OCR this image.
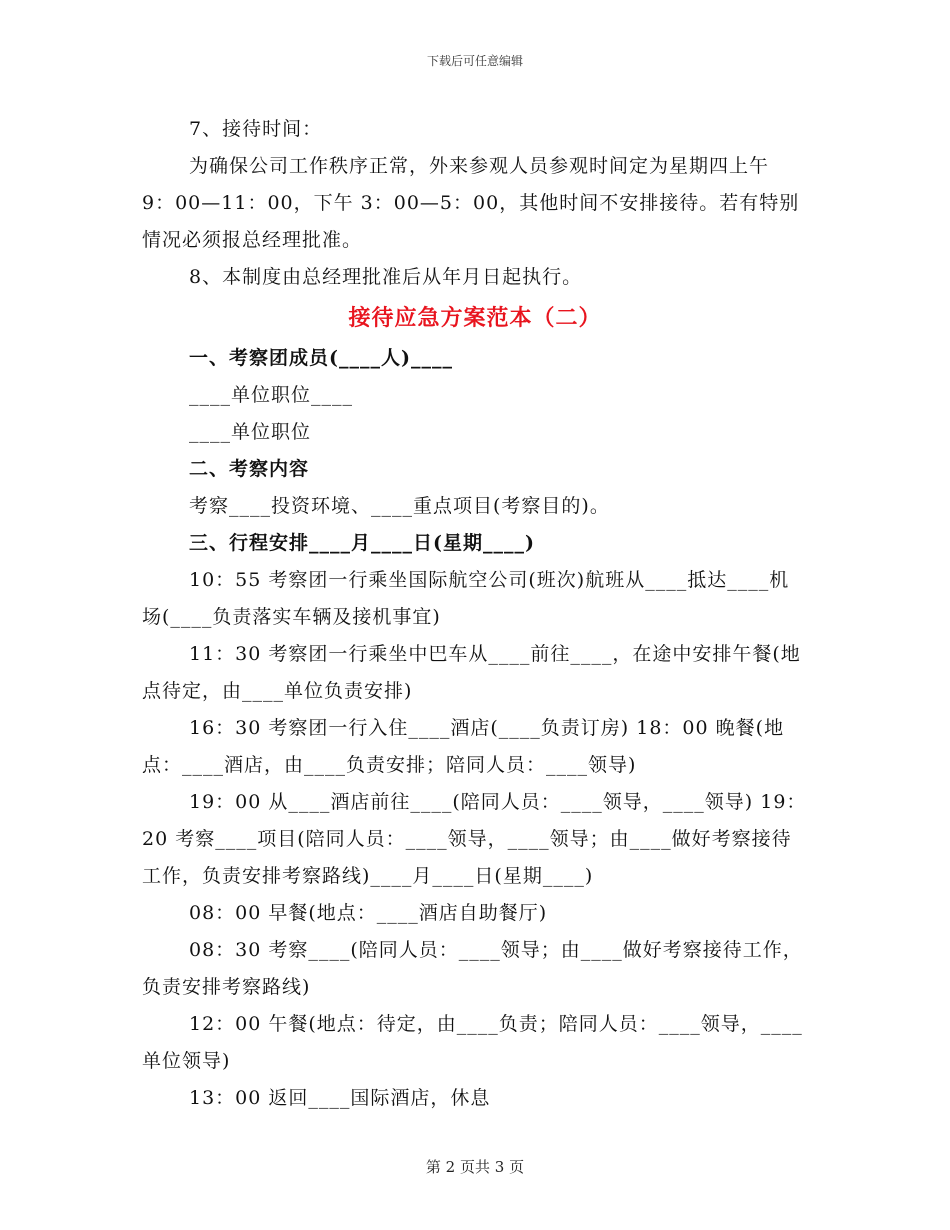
下载后可任意编辑

7、接待时间：

为确保公司工作秩序正常，外来参观人员参观时间定为星期四上午 9：00—11：00，下午 3：00—5：00，其他时间不安排接待。若有特别情况必须报总经理批准。

8、本制度由总经理批准后从年月日起执行。

接待应急方案范本（二）

一、考察团成员(____人)____

____单位职位____

____单位职位

二、考察内容

考察____投资环境、____重点项目(考察目的)。

三、行程安排____月____日(星期____)

10：55 考察团一行乘坐国际航空公司(班次)航班从____抵达____机场(____负责落实车辆及接机事宜)

11：30 考察团一行乘坐中巴车从____前往____，在途中安排午餐(地点待定，由____单位负责安排)

16：30 考察团一行入住____酒店(____负责订房) 18：00 晚餐(地点：____酒店，由____负责安排；陪同人员：____领导)

19：00 从____酒店前往____(陪同人员：____领导，____领导) 19：20 考察____项目(陪同人员：____领导，____领导；由____做好考察接待工作，负责安排考察路线)____月____日(星期____)

08：00 早餐(地点：____酒店自助餐厅)

08：30 考察____(陪同人员：____领导；由____做好考察接待工作，负责安排考察路线)

12：00 午餐(地点：待定，由____负责；陪同人员：____领导，____单位领导)

13：00 返回____国际酒店，休息

第 2 页共 3 页
